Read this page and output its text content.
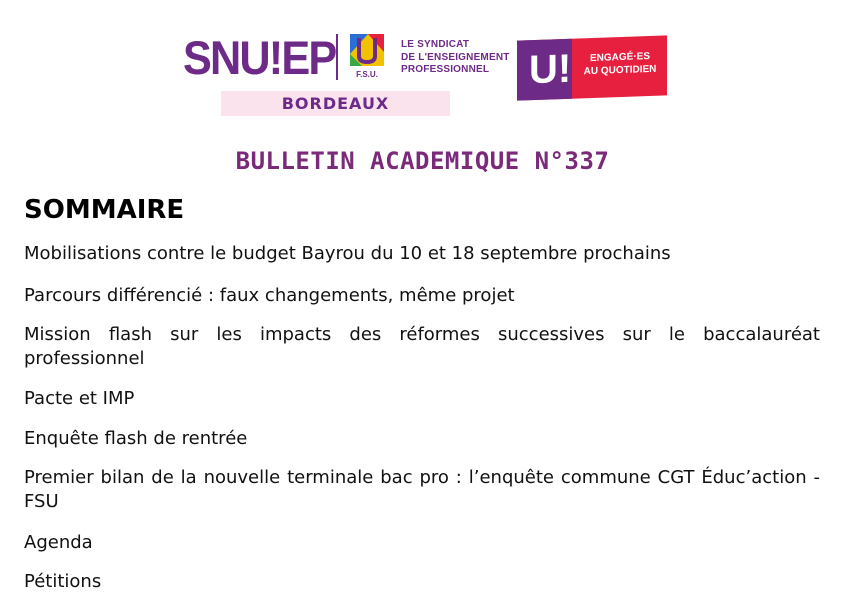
SNU!EP	F.S.U.
LE SYNDICAT
DE L'ENSEIGNEMENT
PROFESSIONNEL
BORDEAUX
U!	ENGAGÉ·ES
AU QUOTIDIEN
BULLETIN ACADEMIQUE N°337
SOMMAIRE
Mobilisations contre le budget Bayrou du 10 et 18 septembre prochains
Parcours différencié : faux changements, même projet
Mission flash sur les impacts des réformes successives sur le baccalauréat professionnel
Pacte et IMP
Enquête flash de rentrée
Premier bilan de la nouvelle terminale bac pro : l’enquête commune CGT Éduc’action - FSU
Agenda
Pétitions
